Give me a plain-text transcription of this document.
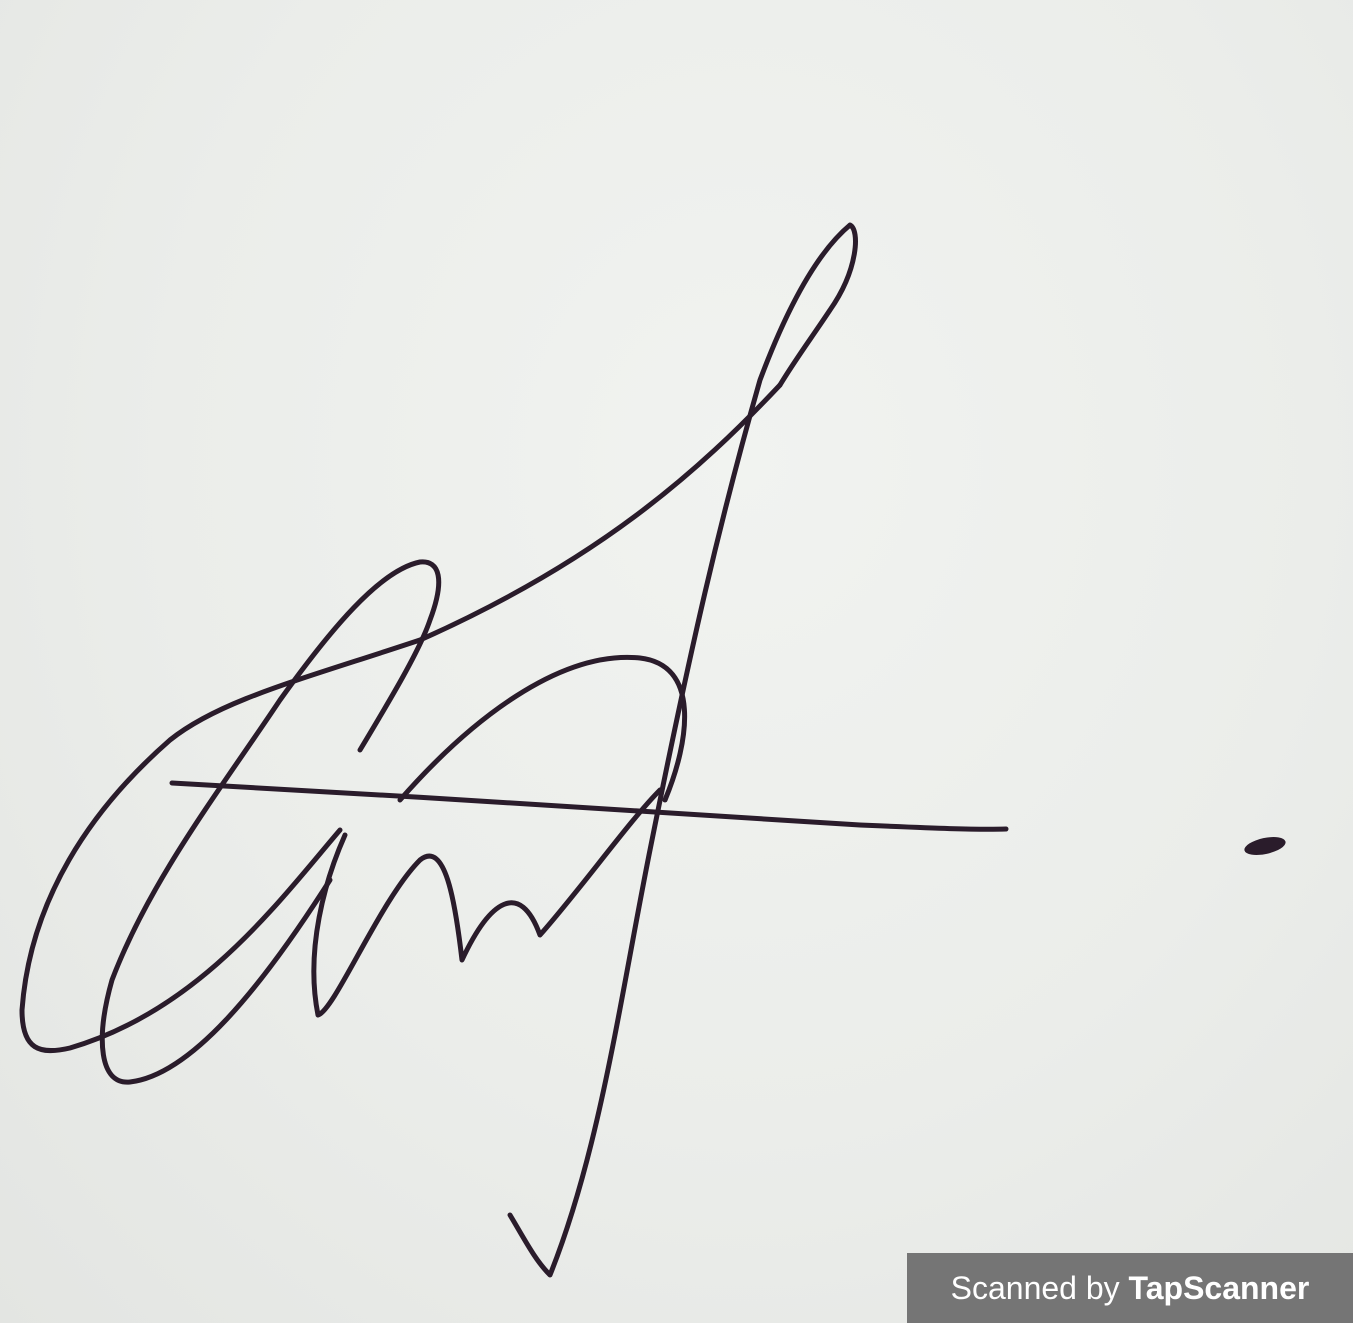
Scanned by TapScanner
